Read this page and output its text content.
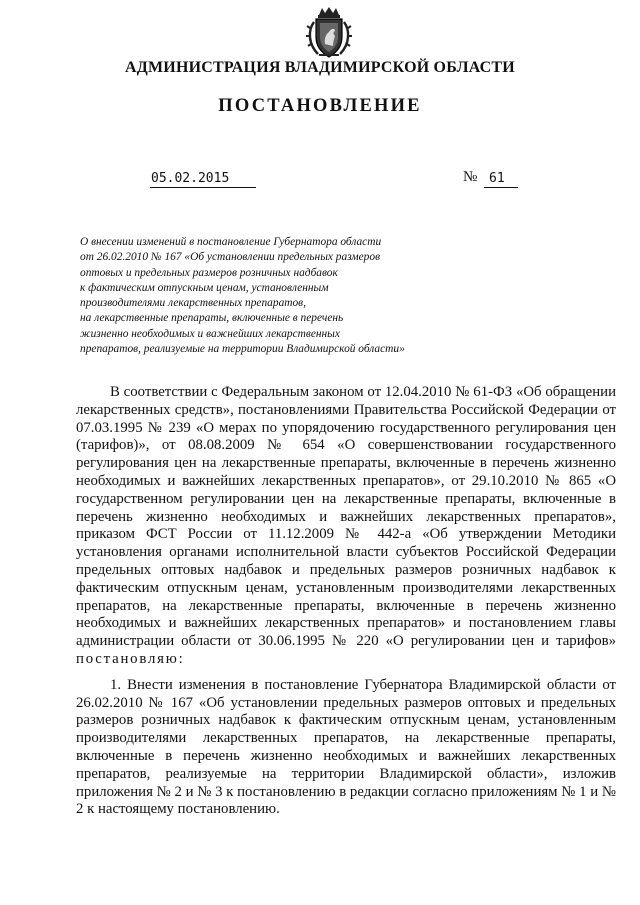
АДМИНИСТРАЦИЯ ВЛАДИМИРСКОЙ ОБЛАСТИ
ПОСТАНОВЛЕНИЕ
05.02.2015	№ 61
О внесении изменений в постановление Губернатора области
от 26.02.2010 № 167 «Об установлении предельных размеров
оптовых и предельных размеров розничных надбавок
к фактическим отпускным ценам, установленным
производителями лекарственных препаратов,
на лекарственные препараты, включенные в перечень
жизненно необходимых и важнейших лекарственных
препаратов, реализуемые на территории Владимирской области»

В соответствии с Федеральным законом от 12.04.2010 № 61-ФЗ «Об обращении лекарственных средств», постановлениями Правительства Российской Федерации от 07.03.1995 № 239 «О мерах по упорядочению государственного регулирования цен (тарифов)», от 08.08.2009 № 654 «О совершенствовании государственного регулирования цен на лекарственные препараты, включенные в перечень жизненно необходимых и важнейших лекарственных препаратов», от 29.10.2010 № 865 «О государственном регулировании цен на лекарственные препараты, включенные в перечень жизненно необходимых и важнейших лекарственных препаратов», приказом ФСТ России от 11.12.2009 № 442-а «Об утверждении Методики установления органами исполнительной власти субъектов Российской Федерации предельных оптовых надбавок и предельных размеров розничных надбавок к фактическим отпускным ценам, установленным производителями лекарственных препаратов, на лекарственные препараты, включенные в перечень жизненно необходимых и важнейших лекарственных препаратов» и постановлением главы администрации области от 30.06.1995 № 220 «О регулировании цен и тарифов» постановляю:

1. Внести изменения в постановление Губернатора Владимирской области от 26.02.2010 № 167 «Об установлении предельных размеров оптовых и предельных размеров розничных надбавок к фактическим отпускным ценам, установленным производителями лекарственных препаратов, на лекарственные препараты, включенные в перечень жизненно необходимых и важнейших лекарственных препаратов, реализуемые на территории Владимирской области», изложив приложения № 2 и № 3 к постановлению в редакции согласно приложениям № 1 и № 2 к настоящему постановлению.
